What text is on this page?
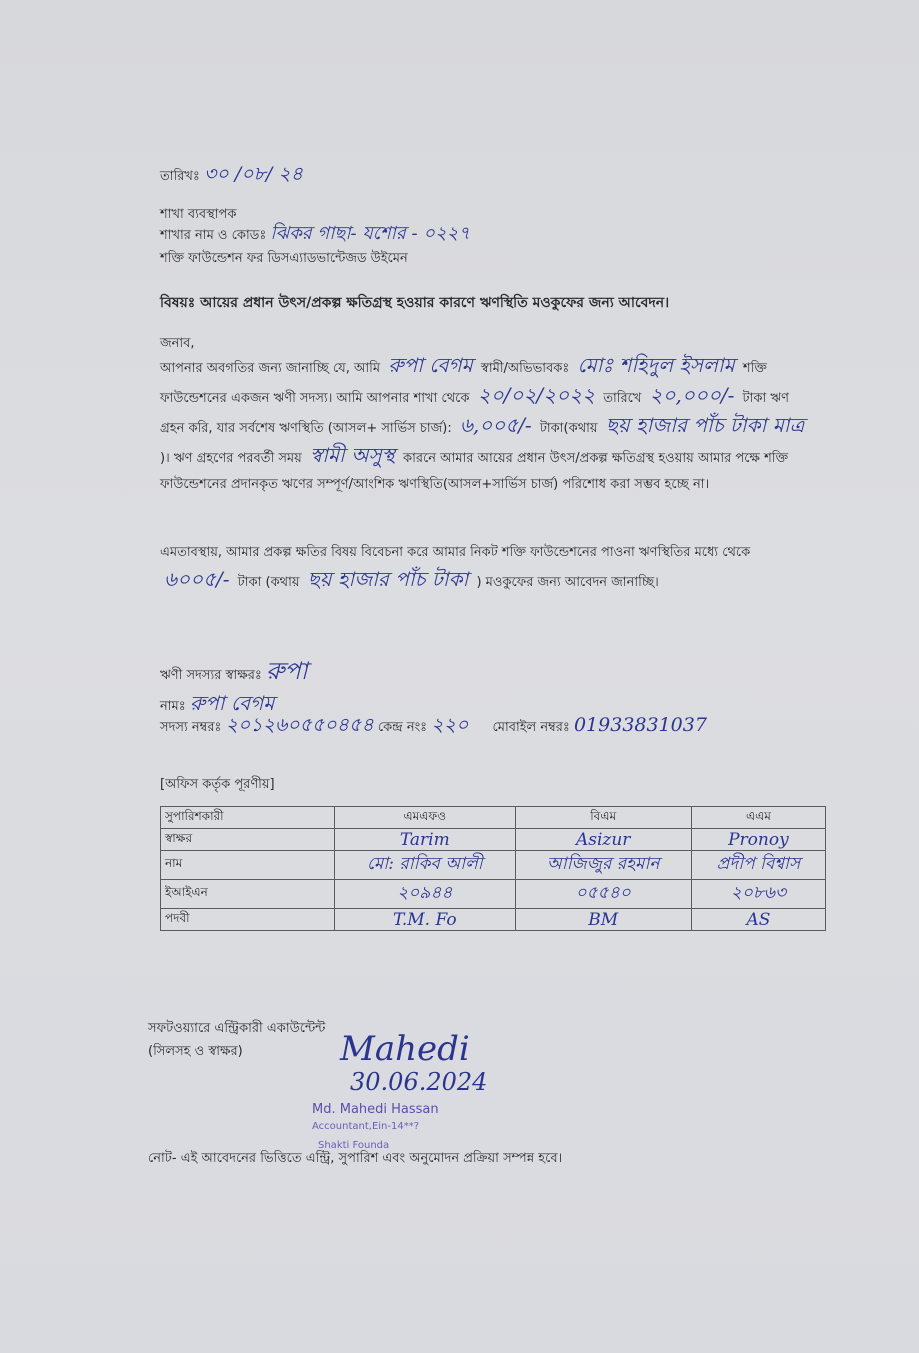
তারিখঃ ৩০ /০৮/ ২৪
শাখা ব্যবস্থাপক
শাখার নাম ও কোডঃ ঝিকর গাছা- যশোর - ০২২৭
শক্তি ফাউন্ডেশন ফর ডিসএ্যাডভান্টেজড উইমেন
বিষয়ঃ আয়ের প্রধান উৎস/প্রকল্প ক্ষতিগ্রস্থ হওয়ার কারণে ঋণস্থিতি মওকুফের জন্য আবেদন।
জনাব,
আপনার অবগতির জন্য জানাচ্ছি যে, আমি রুপা বেগম স্বামী/অভিভাবকঃ মোঃ শহিদুল ইসলাম শক্তি ফাউন্ডেশনের একজন ঋণী সদস্য। আমি আপনার শাখা থেকে ২০/০২/২০২২ তারিখে ২০,০০০/- টাকা ঋণ গ্রহন করি, যার সর্বশেষ ঋণস্থিতি (আসল+ সার্ভিস চার্জ): ৬,০০৫/- টাকা(কথায় ছয় হাজার পাঁচ টাকা মাত্র )। ঋণ গ্রহণের পরবর্তী সময় স্বামী অসুস্থ কারনে আমার আয়ের প্রধান উৎস/প্রকল্প ক্ষতিগ্রস্থ হওয়ায় আমার পক্ষে শক্তি ফাউন্ডেশনের প্রদানকৃত ঋণের সম্পূর্ণ/আংশিক ঋণস্থিতি(আসল+সার্ভিস চার্জ) পরিশোধ করা সম্ভব হচ্ছে না।
এমতাবস্থায়, আমার প্রকল্প ক্ষতির বিষয় বিবেচনা করে আমার নিকট শক্তি ফাউন্ডেশনের পাওনা ঋণস্থিতির মধ্যে থেকে ৬০০৫/- টাকা (কথায় ছয় হাজার পাঁচ টাকা ) মওকুফের জন্য আবেদন জানাচ্ছি।
ঋণী সদস্যর স্বাক্ষরঃ রুপা
নামঃ রুপা বেগম
সদস্য নম্বরঃ ২০১২৬০৫৫০৪৫৪ কেন্দ্র নংঃ ২২০ মোবাইল নম্বরঃ 01933831037
[অফিস কর্তৃক পূরণীয়]
সুপারিশকারী	এমএফও	বিএম	এএম
স্বাক্ষর	Tarim	Asizur	Pronoy
নাম	মো: রাকিব আলী	আজিজুর রহমান	প্রদীপ বিশ্বাস
ইআইএন	২০৯৪৪	০৫৫৪০	২০৮৬৩
পদবী	T.M. Fo	BM	AS
সফটওয়্যারে এন্ট্রিকারী একাউন্টেন্ট
(সিলসহ ও স্বাক্ষর)	Mahedi
30.06.2024
Md. Mahedi Hassan
Accountant,Ein-14**?
Shakti Founda
নোট- এই আবেদনের ভিত্তিতে এন্ট্রি, সুপারিশ এবং অনুমোদন প্রক্রিয়া সম্পন্ন হবে।
